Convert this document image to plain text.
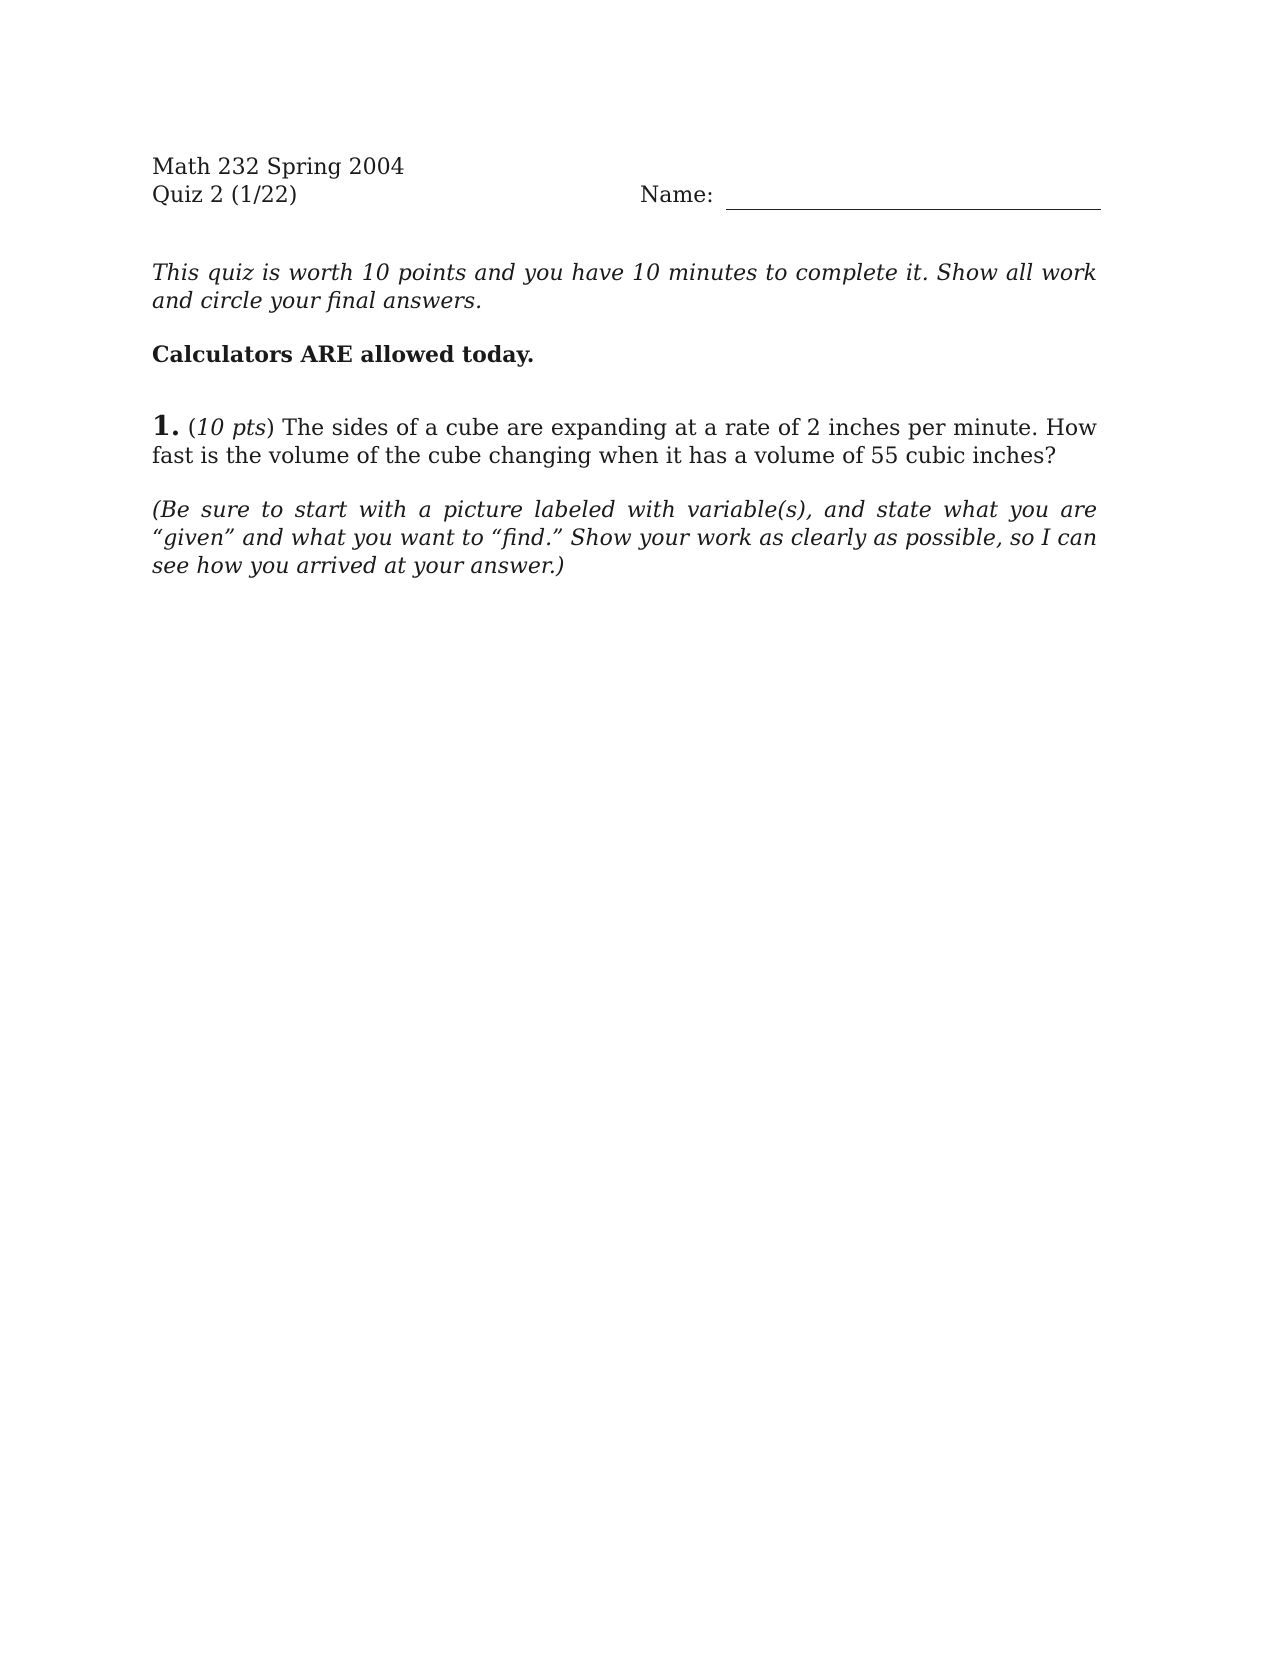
Math 232 Spring 2004
Quiz 2 (1/22)	Name:
This quiz is worth 10 points and you have 10 minutes to complete it. Show all work and circle your final answers.
Calculators ARE allowed today.
1. (10 pts) The sides of a cube are expanding at a rate of 2 inches per minute. How fast is the volume of the cube changing when it has a volume of 55 cubic inches?
(Be sure to start with a picture labeled with variable(s), and state what you are “given” and what you want to “find.” Show your work as clearly as possible, so I can see how you arrived at your answer.)
